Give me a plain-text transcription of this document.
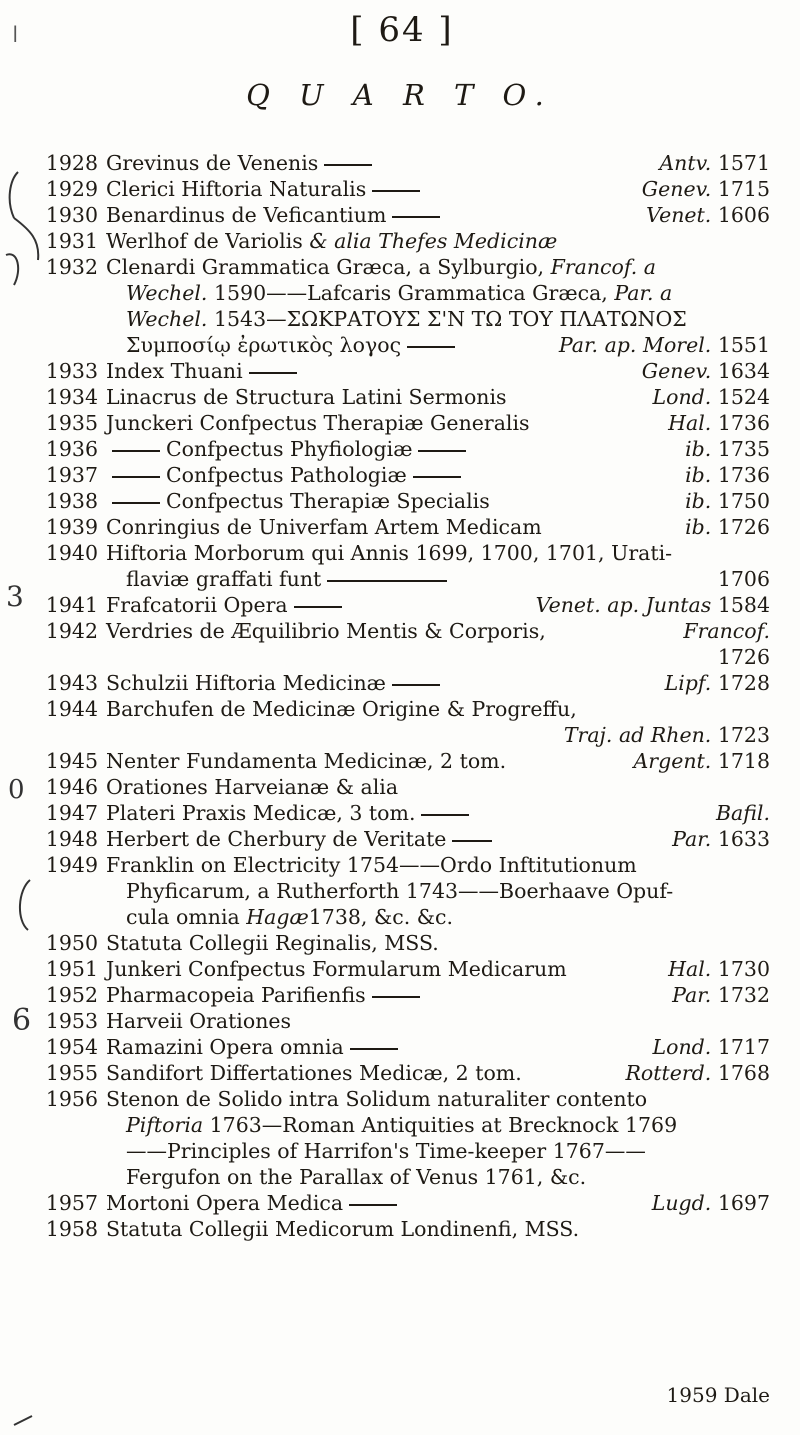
[ 64 ]
Q U A R T O.
ǀ
3
0
6
1928 Grevinus de Venenis	Antv. 1571
1929 Clerici Hiftoria Naturalis	Genev. 1715
1930 Benardinus de Veficantium	Venet. 1606
1931 Werlhof de Variolis & alia Thefes Medicinæ
1932 Clenardi Grammatica Græca, a Sylburgio, Francof. a
Wechel. 1590——Lafcaris Grammatica Græca, Par. a
Wechel. 1543—ΣΩΚΡΑΤΟΥΣ Σ'Ν ΤΩ ΤΟΥ ΠΛΑΤΩΝΟΣ
Συμποσίῳ ἐρωτικὸς λογος	Par. ap. Morel. 1551
1933 Index Thuani	Genev. 1634
1934 Linacrus de Structura Latini Sermonis	Lond. 1524
1935 Junckeri Confpectus Therapiæ Generalis	Hal. 1736
1936	Confpectus Phyfiologiæ	ib. 1735
1937	Confpectus Pathologiæ	ib. 1736
1938	Confpectus Therapiæ Specialis	ib. 1750
1939 Conringius de Univerfam Artem Medicam	ib. 1726
1940 Hiftoria Morborum qui Annis 1699, 1700, 1701, Urati-
flaviæ graffati funt	1706
1941 Frafcatorii Opera	Venet. ap. Juntas 1584
1942 Verdries de Æquilibrio Mentis & Corporis,	Francof.
1726
1943 Schulzii Hiftoria Medicinæ	Lipf. 1728
1944 Barchufen de Medicinæ Origine & Progreffu,
Traj. ad Rhen. 1723
1945 Nenter Fundamenta Medicinæ, 2 tom.	Argent. 1718
1946 Orationes Harveianæ & alia
1947 Plateri Praxis Medicæ, 3 tom.	Bafil.
1948 Herbert de Cherbury de Veritate	Par. 1633
1949 Franklin on Electricity 1754——Ordo Inftitutionum
Phyficarum, a Rutherforth 1743——Boerhaave Opuf-
cula omnia Hagæ1738, &c. &c.
1950 Statuta Collegii Reginalis, MSS.
1951 Junkeri Confpectus Formularum Medicarum	Hal. 1730
1952 Pharmacopeia Parifienfis	Par. 1732
1953 Harveii Orationes
1954 Ramazini Opera omnia	Lond. 1717
1955 Sandifort Differtationes Medicæ, 2 tom.	Rotterd. 1768
1956 Stenon de Solido intra Solidum naturaliter contento
Piftoria 1763—Roman Antiquities at Brecknock 1769
——Principles of Harrifon's Time-keeper 1767——
Fergufon on the Parallax of Venus 1761, &c.
1957 Mortoni Opera Medica	Lugd. 1697
1958 Statuta Collegii Medicorum Londinenfi, MSS.
1959 Dale
